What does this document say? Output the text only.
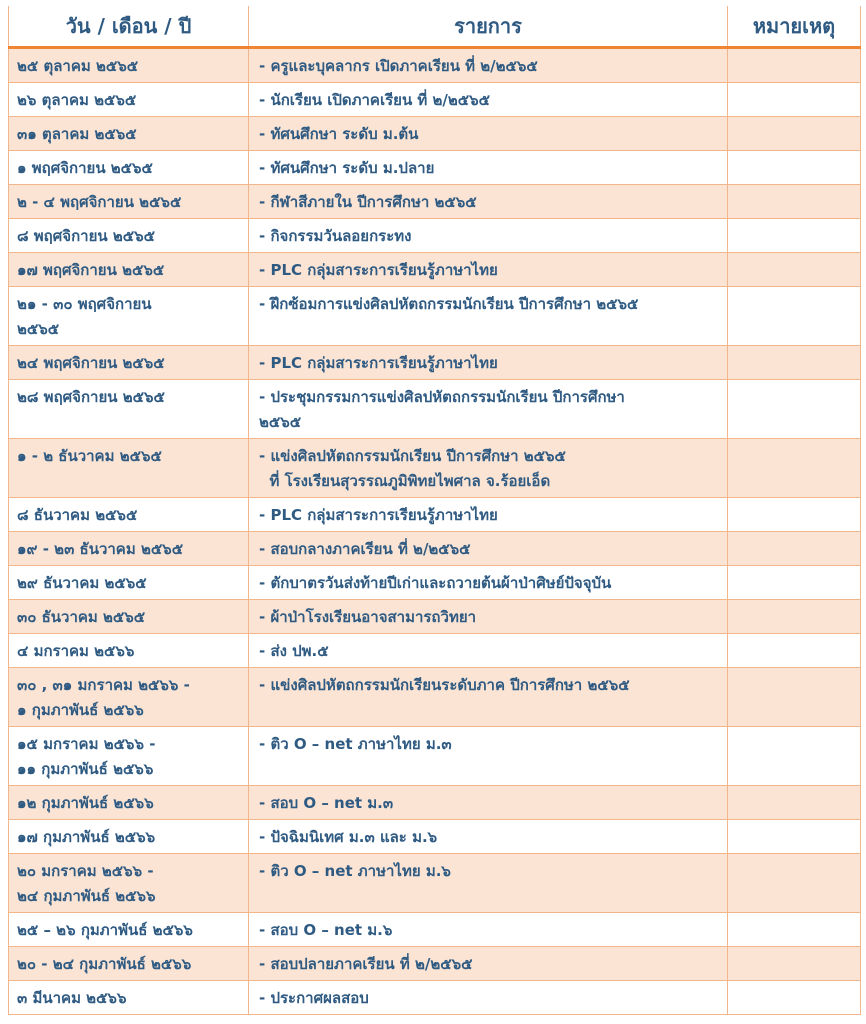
วัน / เดือน / ปี	รายการ	หมายเหตุ

๒๕ ตุลาคม ๒๕๖๕	- ครูและบุคลากร เปิดภาคเรียน ที่ ๒/๒๕๖๕	

๒๖ ตุลาคม ๒๕๖๕	- นักเรียน เปิดภาคเรียน ที่ ๒/๒๕๖๕	

๓๑ ตุลาคม ๒๕๖๕	- ทัศนศึกษา ระดับ ม.ต้น	

๑ พฤศจิกายน ๒๕๖๕	- ทัศนศึกษา ระดับ ม.ปลาย	

๒ - ๔ พฤศจิกายน ๒๕๖๕	- กีฬาสีภายใน ปีการศึกษา ๒๕๖๕	

๘ พฤศจิกายน ๒๕๖๕	- กิจกรรมวันลอยกระทง	

๑๗ พฤศจิกายน ๒๕๖๕	- PLC กลุ่มสาระการเรียนรู้ภาษาไทย	

๒๑ - ๓๐ พฤศจิกายน
๒๕๖๕	- ฝึกซ้อมการแข่งศิลปหัตถกรรมนักเรียน ปีการศึกษา ๒๕๖๕	

๒๔ พฤศจิกายน ๒๕๖๕	- PLC กลุ่มสาระการเรียนรู้ภาษาไทย	

๒๘ พฤศจิกายน ๒๕๖๕	- ประชุมกรรมการแข่งศิลปหัตถกรรมนักเรียน ปีการศึกษา
๒๕๖๕	

๑ - ๒ ธันวาคม ๒๕๖๕	- แข่งศิลปหัตถกรรมนักเรียน ปีการศึกษา ๒๕๖๕
ที่ โรงเรียนสุวรรณภูมิพิทยไพศาล จ.ร้อยเอ็ด	

๘ ธันวาคม ๒๕๖๕	- PLC กลุ่มสาระการเรียนรู้ภาษาไทย	

๑๙ - ๒๓ ธันวาคม ๒๕๖๕	- สอบกลางภาคเรียน ที่ ๒/๒๕๖๕	

๒๙ ธันวาคม ๒๕๖๕	- ตักบาตรวันส่งท้ายปีเก่าและถวายต้นผ้าป่าศิษย์ปัจจุบัน	

๓๐ ธันวาคม ๒๕๖๕	- ผ้าป่าโรงเรียนอาจสามารถวิทยา	

๔ มกราคม ๒๕๖๖	- ส่ง ปพ.๕	

๓๐ , ๓๑ มกราคม ๒๕๖๖ -
๑ กุมภาพันธ์ ๒๕๖๖	- แข่งศิลปหัตถกรรมนักเรียนระดับภาค ปีการศึกษา ๒๕๖๕	

๑๕ มกราคม ๒๕๖๖ -
๑๑ กุมภาพันธ์ ๒๕๖๖	- ติว O – net ภาษาไทย ม.๓	

๑๒ กุมภาพันธ์ ๒๕๖๖	- สอบ O – net ม.๓	

๑๗ กุมภาพันธ์ ๒๕๖๖	- ปัจฉิมนิเทศ ม.๓ และ ม.๖	

๒๐ มกราคม ๒๕๖๖ -
๒๔ กุมภาพันธ์ ๒๕๖๖	- ติว O – net ภาษาไทย ม.๖	

๒๕ – ๒๖ กุมภาพันธ์ ๒๕๖๖	- สอบ O – net ม.๖	

๒๐ - ๒๔ กุมภาพันธ์ ๒๕๖๖	- สอบปลายภาคเรียน ที่ ๒/๒๕๖๕	

๓ มีนาคม ๒๕๖๖	- ประกาศผลสอบ	
